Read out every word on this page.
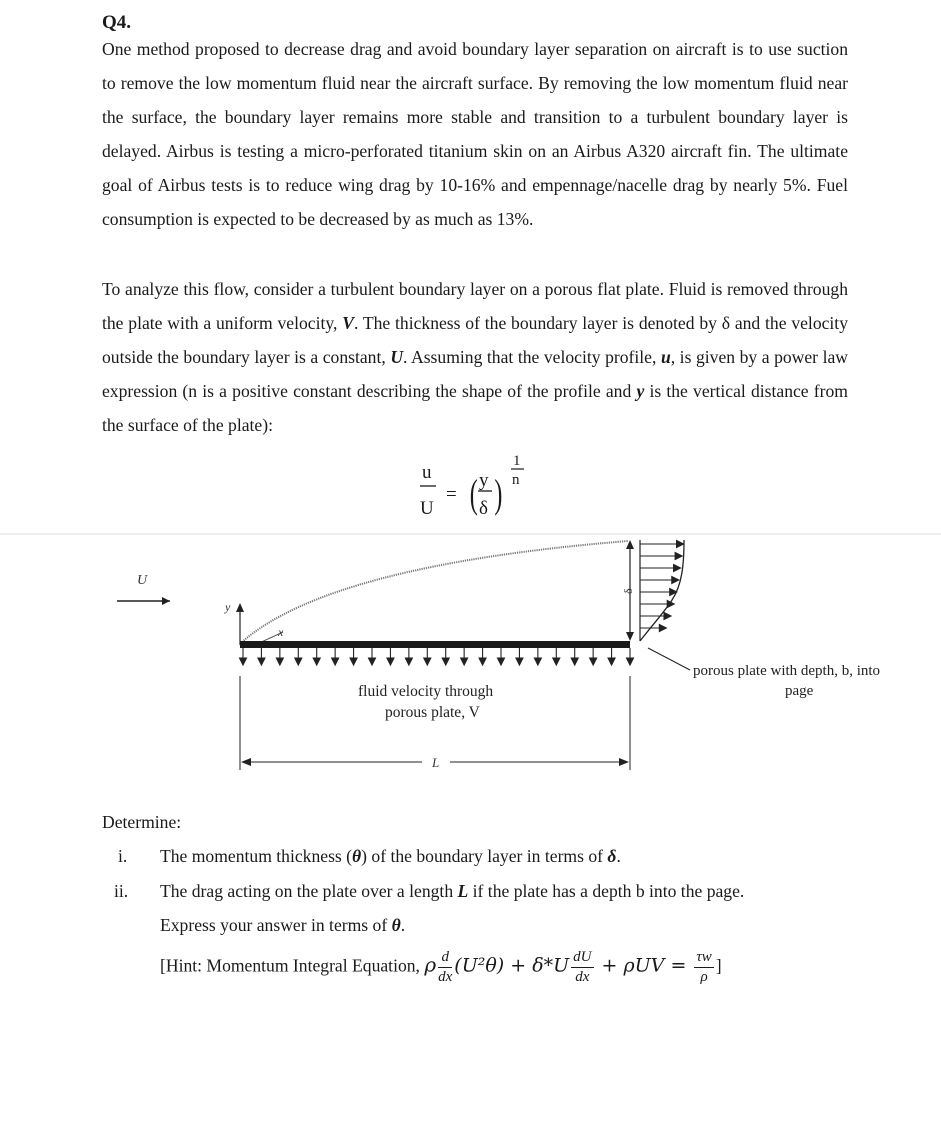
Q4.

One method proposed to decrease drag and avoid boundary layer separation on aircraft is to use suction to remove the low momentum fluid near the aircraft surface. By removing the low momentum fluid near the surface, the boundary layer remains more stable and transition to a turbulent boundary layer is delayed. Airbus is testing a micro-perforated titanium skin on an Airbus A320 aircraft fin. The ultimate goal of Airbus tests is to reduce wing drag by 10-16% and empennage/nacelle drag by nearly 5%. Fuel consumption is expected to be decreased by as much as 13%.

To analyze this flow, consider a turbulent boundary layer on a porous flat plate. Fluid is removed through the plate with a uniform velocity, V. The thickness of the boundary layer is denoted by δ and the velocity outside the boundary layer is a constant, U. Assuming that the velocity profile, u, is given by a power law expression (n is a positive constant describing the shape of the profile and y is the vertical distance from the surface of the plate):

u
U
= ( y
δ )
1
n
U
y
x
δ
porous plate with depth, b, into
page
fluid velocity through
porous plate, V
L
Determine:
i. The momentum thickness (θ) of the boundary layer in terms of δ.
ii. The drag acting on the plate over a length L if the plate has a depth b into the page.
Express your answer in terms of θ.
[Hint: Momentum Integral Equation, ρ $\frac{d}{dx} (U^2\theta) + \delta*U \frac{dU}{dx} + \rho UV = \frac{\tau w}{\rho}$ ]
